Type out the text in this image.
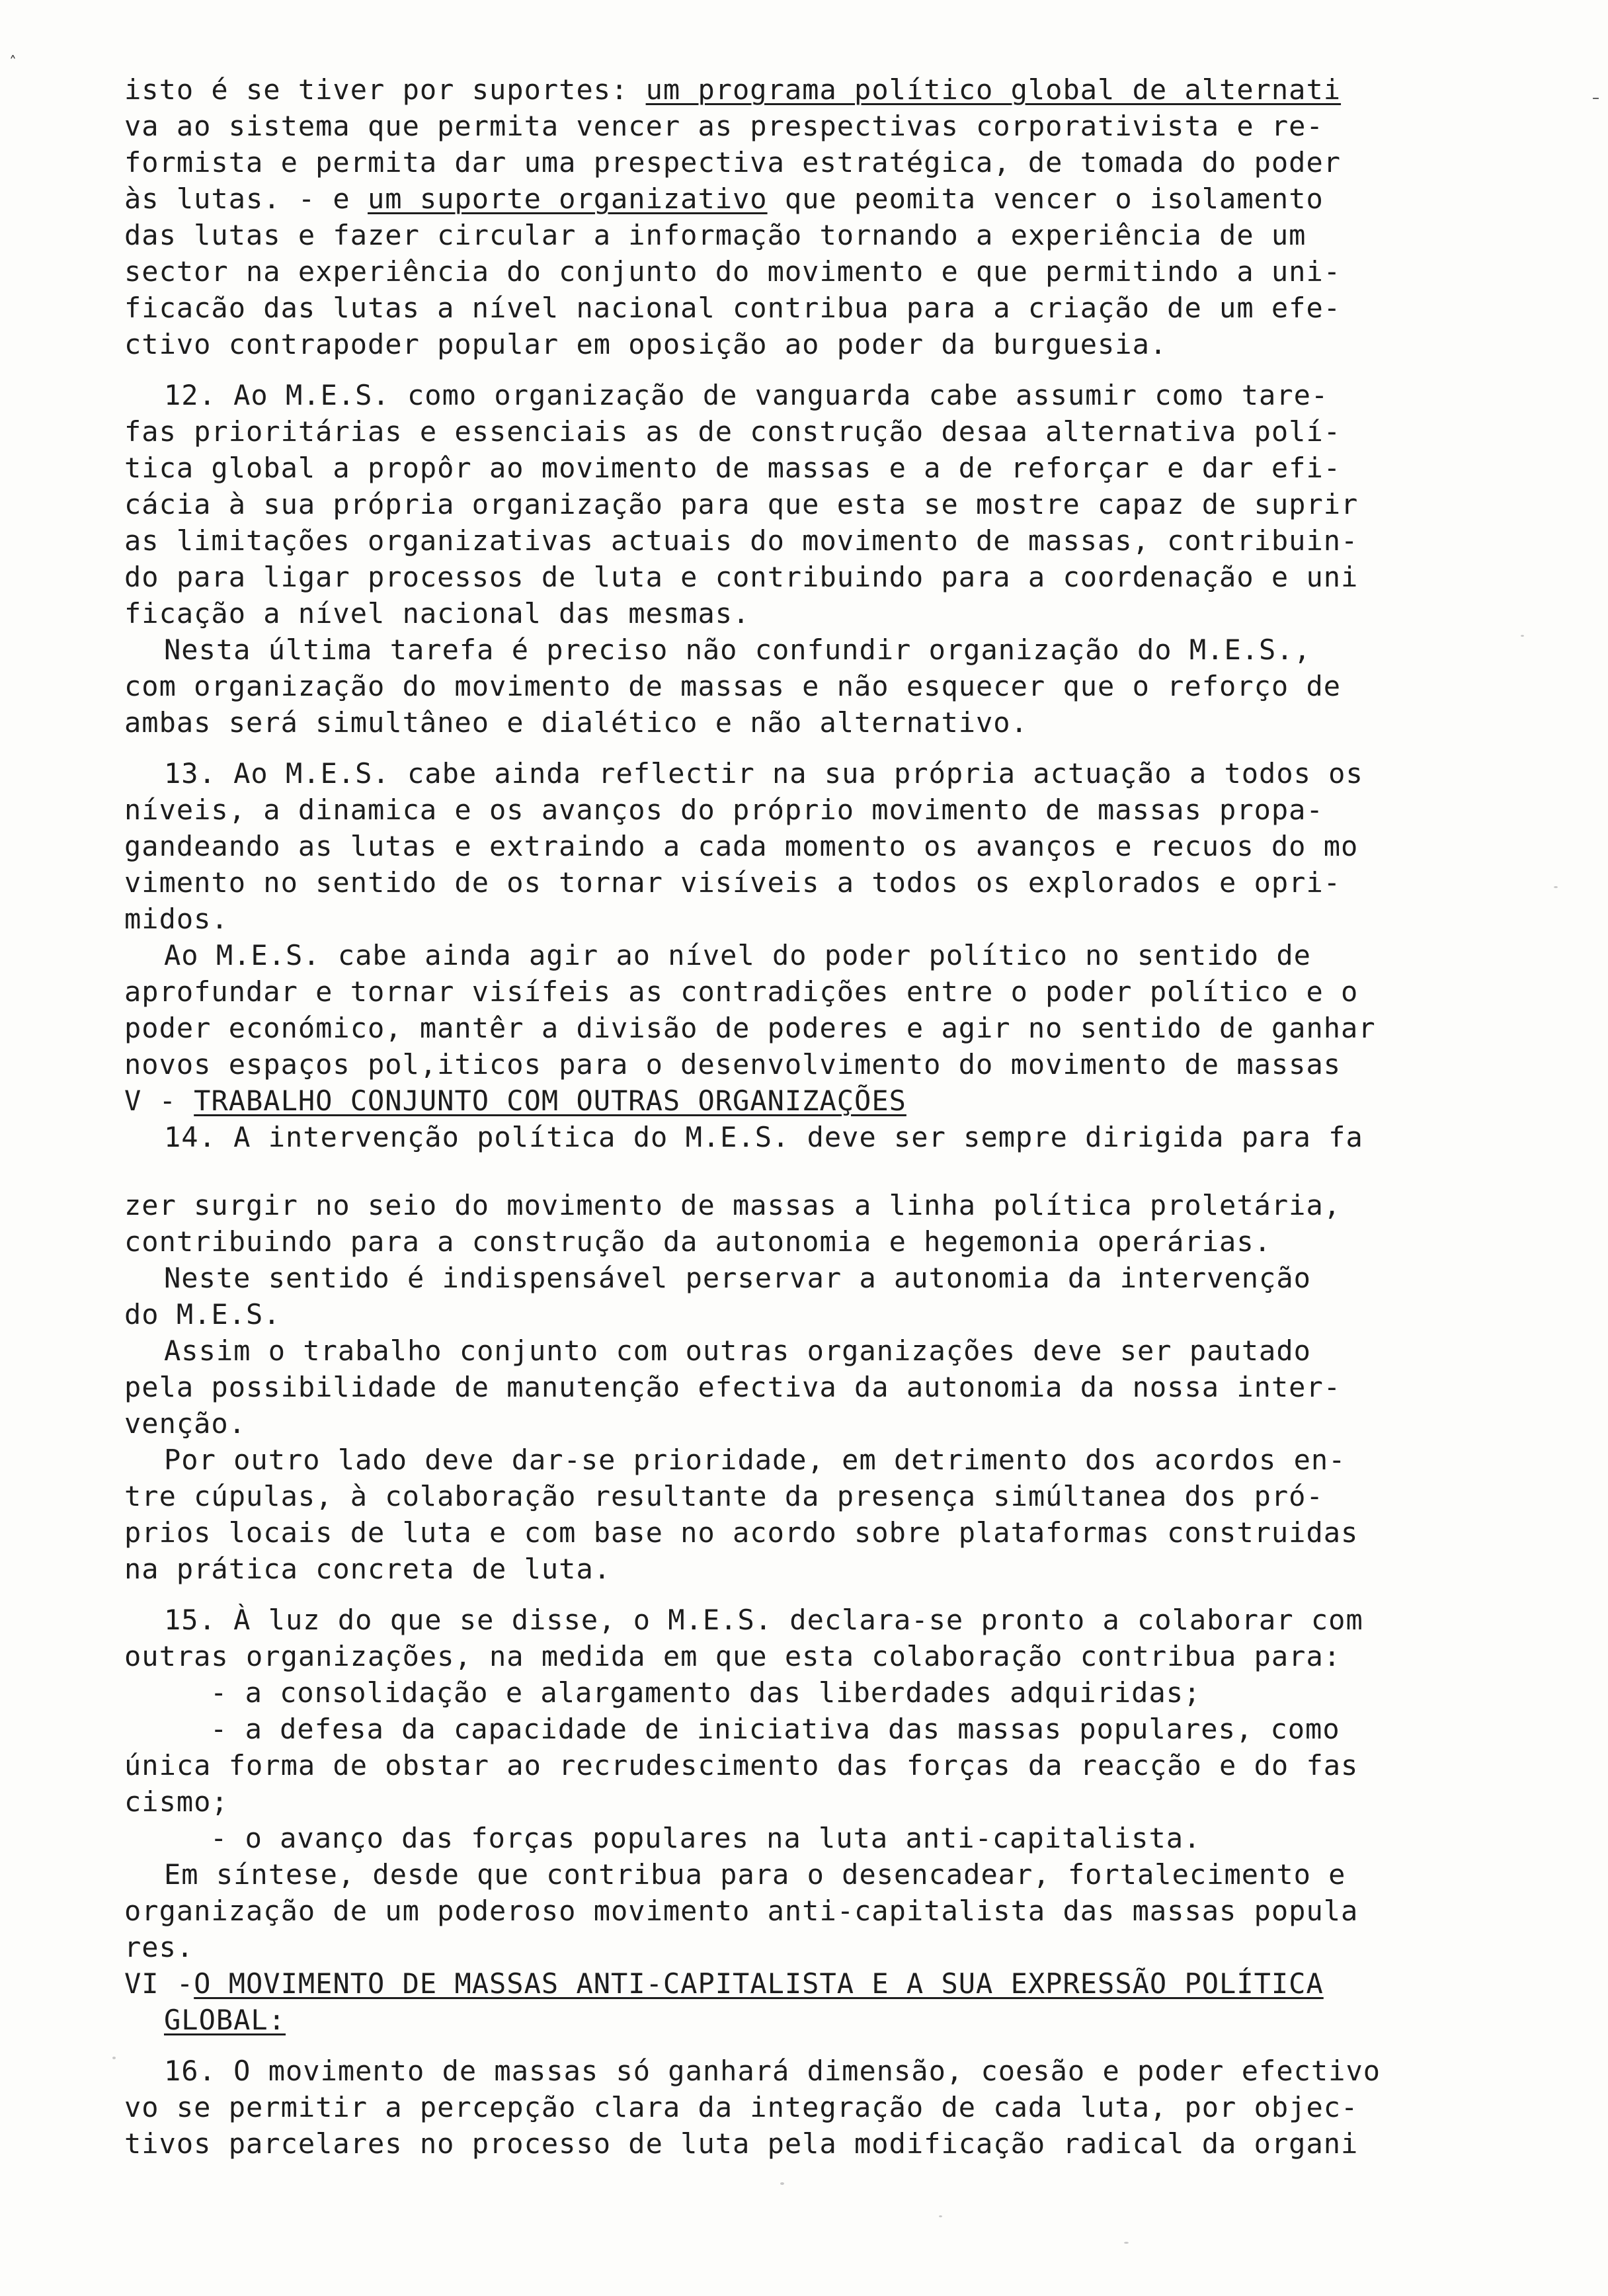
˄
–
isto é se tiver por suportes: um programa político global de alternati
va ao sistema que permita vencer as prespectivas corporativista e re-
formista e permita dar uma prespectiva estratégica, de tomada do poder
às lutas. - e um suporte organizativo que peomita vencer o isolamento
das lutas e fazer circular a informação tornando a experiência de um
sector na experiência do conjunto do movimento e que permitindo a uni-
ficacão das lutas a nível nacional contribua para a criação de um efe-
ctivo contrapoder popular em oposição ao poder da burguesia.
12. Ao M.E.S. como organização de vanguarda cabe assumir como tare-
fas prioritárias e essenciais as de construção desaa alternativa polí-
tica global a propôr ao movimento de massas e a de reforçar e dar efi-
cácia à sua própria organização para que esta se mostre capaz de suprir
as limitações organizativas actuais do movimento de massas, contribuin-
do para ligar processos de luta e contribuindo para a coordenação e uni
ficação a nível nacional das mesmas.
Nesta última tarefa é preciso não confundir organização do M.E.S.,
com organização do movimento de massas e não esquecer que o reforço de
ambas será simultâneo e dialético e não alternativo.
13. Ao M.E.S. cabe ainda reflectir na sua própria actuação a todos os
níveis, a dinamica e os avanços do próprio movimento de massas propa-
gandeando as lutas e extraindo a cada momento os avanços e recuos do mo
vimento no sentido de os tornar visíveis a todos os explorados e opri-
midos.
Ao M.E.S. cabe ainda agir ao nível do poder político no sentido de
aprofundar e tornar visífeis as contradições entre o poder político e o
poder económico, mantêr a divisão de poderes e agir no sentido de ganhar
novos espaços pol,iticos para o desenvolvimento do movimento de massas
V - TRABALHO CONJUNTO COM OUTRAS ORGANIZAÇÕES
14. A intervenção política do M.E.S. deve ser sempre dirigida para fa
zer surgir no seio do movimento de massas a linha política proletária,
contribuindo para a construção da autonomia e hegemonia operárias.
Neste sentido é indispensável perservar a autonomia da intervenção
do M.E.S.
Assim o trabalho conjunto com outras organizações deve ser pautado
pela possibilidade de manutenção efectiva da autonomia da nossa inter-
venção.
Por outro lado deve dar-se prioridade, em detrimento dos acordos en-
tre cúpulas, à colaboração resultante da presença simúltanea dos pró-
prios locais de luta e com base no acordo sobre plataformas construidas
na prática concreta de luta.
15. À luz do que se disse, o M.E.S. declara-se pronto a colaborar com
outras organizações, na medida em que esta colaboração contribua para:
- a consolidação e alargamento das liberdades adquiridas;
- a defesa da capacidade de iniciativa das massas populares, como
única forma de obstar ao recrudescimento das forças da reacção e do fas
cismo;
- o avanço das forças populares na luta anti-capitalista.
Em síntese, desde que contribua para o desencadear, fortalecimento e
organização de um poderoso movimento anti-capitalista das massas popula
res.
VI -O MOVIMENTO DE MASSAS ANTI-CAPITALISTA E A SUA EXPRESSÃO POLÍTICA
GLOBAL:
16. O movimento de massas só ganhará dimensão, coesão e poder efectivo
vo se permitir a percepção clara da integração de cada luta, por objec-
tivos parcelares no processo de luta pela modificação radical da organi
